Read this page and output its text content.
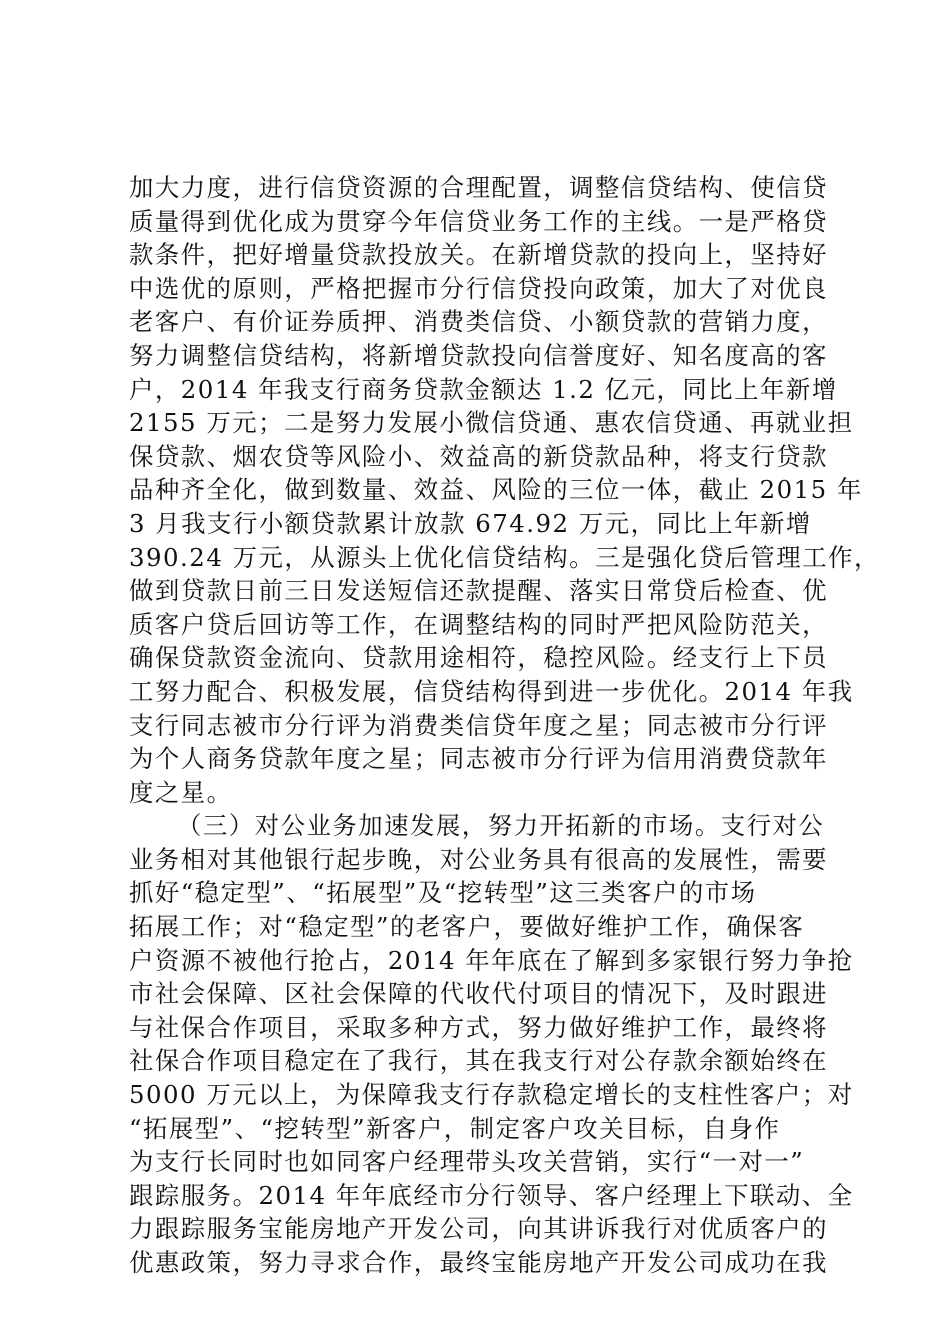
加大力度，进行信贷资源的合理配置，调整信贷结构、使信贷
质量得到优化成为贯穿今年信贷业务工作的主线。一是严格贷
款条件，把好增量贷款投放关。在新增贷款的投向上，坚持好
中选优的原则，严格把握市分行信贷投向政策，加大了对优良
老客户、有价证券质押、消费类信贷、小额贷款的营销力度，
努力调整信贷结构，将新增贷款投向信誉度好、知名度高的客
户，2014 年我支行商务贷款金额达 1.2 亿元，同比上年新增
2155 万元；二是努力发展小微信贷通、惠农信贷通、再就业担
保贷款、烟农贷等风险小、效益高的新贷款品种，将支行贷款
品种齐全化，做到数量、效益、风险的三位一体，截止 2015 年
3 月我支行小额贷款累计放款 674.92 万元，同比上年新增
390.24 万元，从源头上优化信贷结构。三是强化贷后管理工作，
做到贷款日前三日发送短信还款提醒、落实日常贷后检查、优
质客户贷后回访等工作，在调整结构的同时严把风险防范关，
确保贷款资金流向、贷款用途相符，稳控风险。经支行上下员
工努力配合、积极发展，信贷结构得到进一步优化。2014 年我
支行同志被市分行评为消费类信贷年度之星；同志被市分行评
为个人商务贷款年度之星；同志被市分行评为信用消费贷款年
度之星。
（三）对公业务加速发展，努力开拓新的市场。支行对公
业务相对其他银行起步晚，对公业务具有很高的发展性，需要
抓好“稳定型”、“拓展型”及“挖转型”这三类客户的市场
拓展工作；对“稳定型”的老客户，要做好维护工作，确保客
户资源不被他行抢占，2014 年年底在了解到多家银行努力争抢
市社会保障、区社会保障的代收代付项目的情况下，及时跟进
与社保合作项目，采取多种方式，努力做好维护工作，最终将
社保合作项目稳定在了我行，其在我支行对公存款余额始终在
5000 万元以上，为保障我支行存款稳定增长的支柱性客户；对
“拓展型”、“挖转型”新客户，制定客户攻关目标，自身作
为支行长同时也如同客户经理带头攻关营销，实行“一对一”
跟踪服务。2014 年年底经市分行领导、客户经理上下联动、全
力跟踪服务宝能房地产开发公司，向其讲诉我行对优质客户的
优惠政策，努力寻求合作，最终宝能房地产开发公司成功在我
